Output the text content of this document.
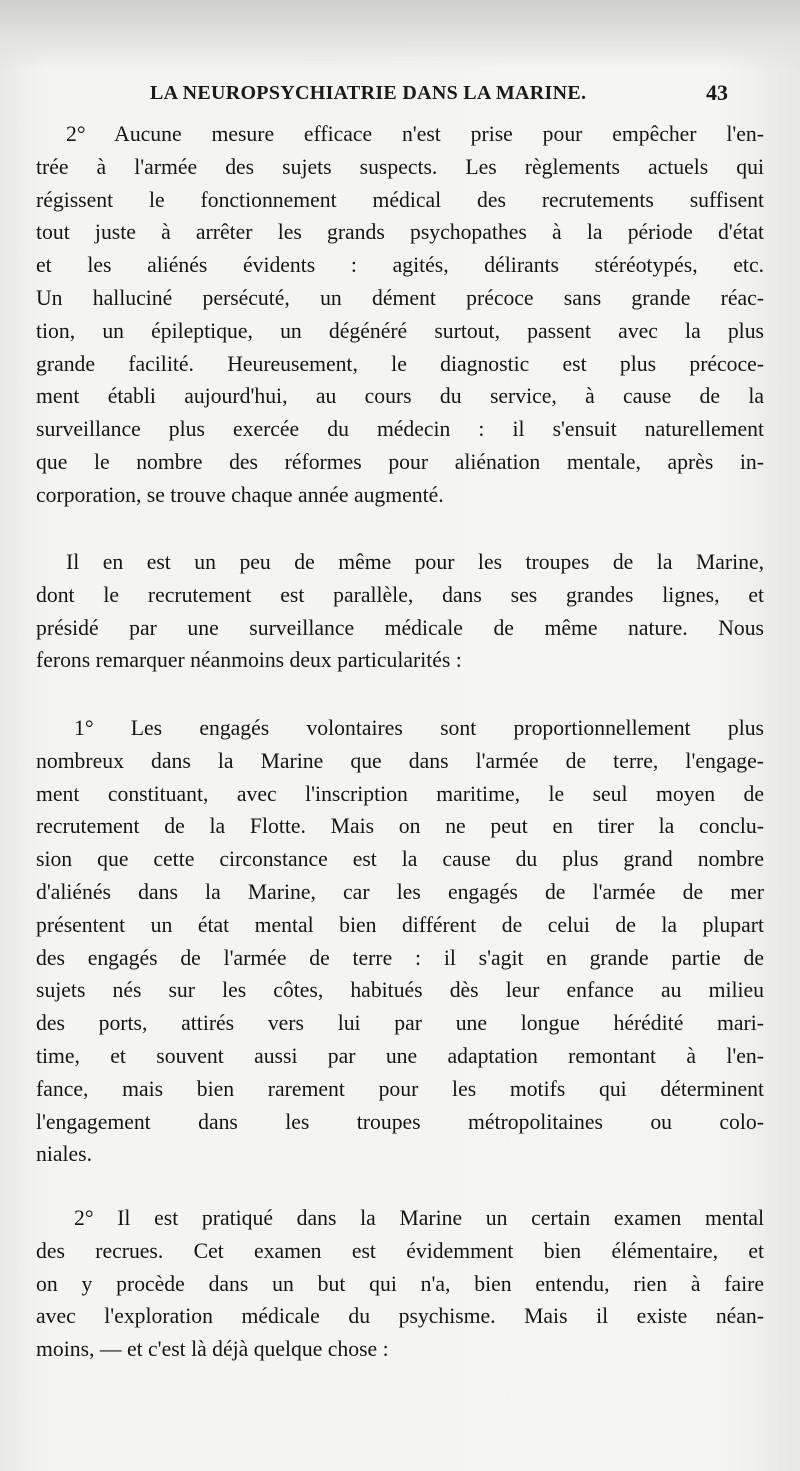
LA NEUROPSYCHIATRIE DANS LA MARINE.	43
2° Aucune mesure efficace n'est prise pour empêcher l'en-
trée à l'armée des sujets suspects. Les règlements actuels qui
régissent le fonctionnement médical des recrutements suffisent
tout juste à arrêter les grands psychopathes à la période d'état
et les aliénés évidents : agités, délirants stéréotypés, etc.
Un halluciné persécuté, un dément précoce sans grande réac-
tion, un épileptique, un dégénéré surtout, passent avec la plus
grande facilité. Heureusement, le diagnostic est plus précoce-
ment établi aujourd'hui, au cours du service, à cause de la
surveillance plus exercée du médecin : il s'ensuit naturellement
que le nombre des réformes pour aliénation mentale, après in-
corporation, se trouve chaque année augmenté.
Il en est un peu de même pour les troupes de la Marine,
dont le recrutement est parallèle, dans ses grandes lignes, et
présidé par une surveillance médicale de même nature. Nous
ferons remarquer néanmoins deux particularités :
1° Les engagés volontaires sont proportionnellement plus
nombreux dans la Marine que dans l'armée de terre, l'engage-
ment constituant, avec l'inscription maritime, le seul moyen de
recrutement de la Flotte. Mais on ne peut en tirer la conclu-
sion que cette circonstance est la cause du plus grand nombre
d'aliénés dans la Marine, car les engagés de l'armée de mer
présentent un état mental bien différent de celui de la plupart
des engagés de l'armée de terre : il s'agit en grande partie de
sujets nés sur les côtes, habitués dès leur enfance au milieu
des ports, attirés vers lui par une longue hérédité mari-
time, et souvent aussi par une adaptation remontant à l'en-
fance, mais bien rarement pour les motifs qui déterminent
l'engagement dans les troupes métropolitaines ou colo-
niales.
2° Il est pratiqué dans la Marine un certain examen mental
des recrues. Cet examen est évidemment bien élémentaire, et
on y procède dans un but qui n'a, bien entendu, rien à faire
avec l'exploration médicale du psychisme. Mais il existe néan-
moins, — et c'est là déjà quelque chose :
